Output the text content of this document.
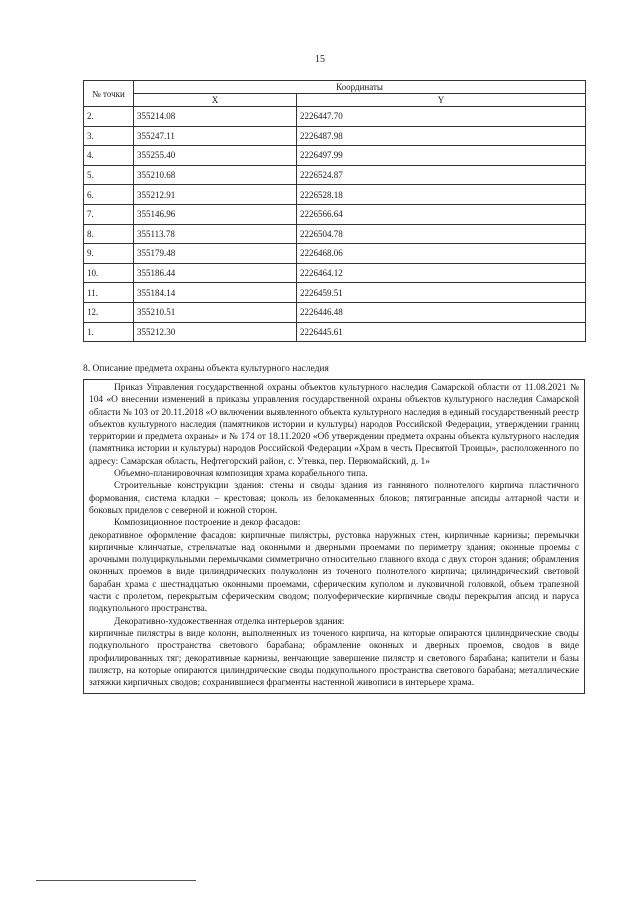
15
№ точки	Координаты	
	X	Y
2.	355214.08	2226447.70
3.	355247.11	2226487.98
4.	355255.40	2226497.99
5.	355210.68	2226524.87
6.	355212.91	2226528.18
7.	355146.96	2226566.64
8.	355113.78	2226504.78
9.	355179.48	2226468.06
10.	355186.44	2226464.12
11.	355184.14	2226459.51
12.	355210.51	2226446.48
1.	355212.30	2226445.61
8. Описание предмета охраны объекта культурного наследия

Приказ Управления государственной охраны объектов культурного наследия Самарской области от 11.08.2021 № 104 «О внесении изменений в приказы управления государственной охраны объектов культурного наследия Самарской области № 103 от 20.11.2018 «О включении выявленного объекта культурного наследия в единый государственный реестр объектов культурного наследия (памятников истории и культуры) народов Российской Федерации, утверждении границ территории и предмета охраны» и № 174 от 18.11.2020 «Об утверждении предмета охраны объекта культурного наследия (памятника истории и культуры) народов Российской Федерации «Храм в честь Пресвятой Троицы», расположенного по адресу: Самарская область, Нефтегорский район, с. Утевка, пер. Первомайский, д. 1»

Объемно-планировочная композиция храма корабельного типа.

Строительные конструкции здания: стены и своды здания из ганняного полнотелого кирпича пластичного формования, система кладки – крестовая; цоколь из белокаменных блоков; пятигранные апсиды алтарной части и боковых приделов с северной и южной сторон.

Композиционное построение и декор фасадов:

декоративное оформление фасадов: кирпичные пилястры, рустовка наружных стен, кирпичные карнизы; перемычки кирпичные клинчатые, стрельчатые над оконными и дверными проемами по периметру здания; оконные проемы с арочными полуциркульными перемычками симметрично относительно главного входа с двух сторон здания; обрамления оконных проемов в виде цилиндрических полуколонн из точеного полнотелого кирпича; цилиндрический световой барабан храма с шестнадцатью оконными проемами, сферическим куполом и луковичной головкой, объем трапезной части с пролетом, перекрытым сферическим сводом; полуоферические кирпичные своды перекрытия апсид и паруса подкупольного пространства.

Декоративно-художественная отделка интерьеров здания:

кирпичные пилястры в виде колонн, выполненных из точеного кирпича, на которые опираются цилиндрические своды подкупольного пространства светового барабана; обрамление оконных и дверных проемов, сводов в виде профилированных тяг; декоративные карнизы, венчающие завершение пилястр и светового барабана; капители и базы пилястр, на которые опираются цилиндрические своды подкупольного пространства светового барабана; металлические затяжки кирпичных сводов; сохранившиеся фрагменты настенной живописи в интерьере храма.
